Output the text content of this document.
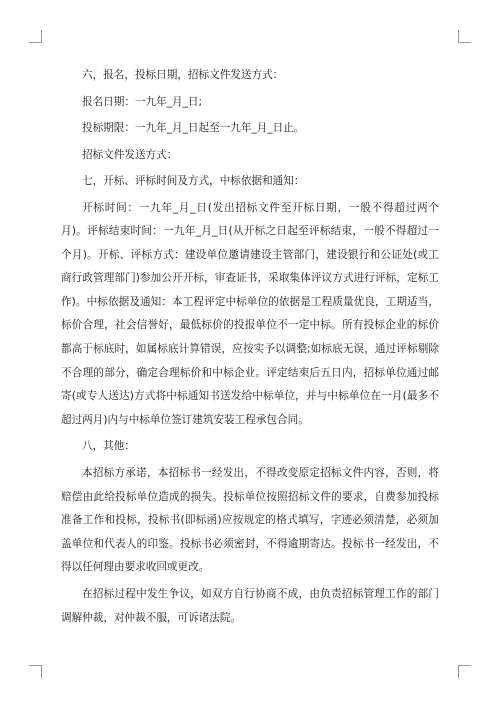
六，报名，投标日期，招标文件发送方式：
报名日期：一九年_月_日;
投标期限：一九年_月_日起至一九年_月_日止。
招标文件发送方式：
七，开标、评标时间及方式，中标依据和通知：

开标时间：一九年_月_日(发出招标文件至开标日期，一般不得超过两个月)。评标结束时间：一九年_月_日(从开标之日起至评标结束，一般不得超过一个月)。开标、评标方式：建设单位邀请建设主管部门，建设银行和公证处(或工商行政管理部门)参加公开开标，审查证书，采取集体评议方式进行评标，定标工作)。中标依据及通知：本工程评定中标单位的依据是工程质量优良，工期适当，标价合理，社会信誉好，最低标价的投报单位不一定中标。所有投标企业的标价都高于标底时，如属标底计算错误，应按实予以调整;如标底无误，通过评标剔除不合理的部分，确定合理标价和中标企业。评定结束后五日内，招标单位通过邮寄(或专人送达)方式将中标通知书送发给中标单位，并与中标单位在一月(最多不超过两月)内与中标单位签订建筑安装工程承包合同。

八，其他：

本招标方承诺，本招标书一经发出，不得改变原定招标文件内容，否则，将赔偿由此给投标单位造成的损失。投标单位按照招标文件的要求，自费参加投标准备工作和投标，投标书(即标函)应按规定的格式填写，字迹必须清楚，必须加盖单位和代表人的印鉴。投标书必须密封，不得逾期寄达。投标书一经发出，不得以任何理由要求收回或更改。

在招标过程中发生争议，如双方自行协商不成，由负责招标管理工作的部门调解仲裁，对仲裁不服，可诉诸法院。
